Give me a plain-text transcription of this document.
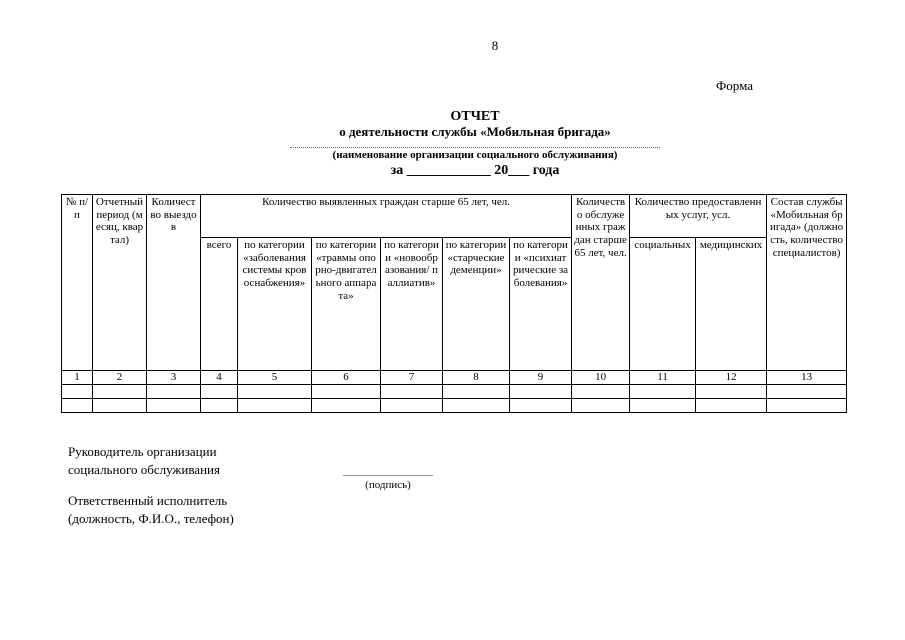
8
Форма
ОТЧЕТ
о деятельности службы «Мобильная бригада»
(наименование организации социального обслуживания)
за ____________ 20___ года
№ п/п	Отчетный период (месяц, квартал)	Количество выездов	Количество выявленных граждан старше 65 лет, чел.						Количество обслуженных граждан старше 65 лет, чел.	Количество предоставленных услуг, усл.		Состав службы «Мобильная бригада» (должность, количество специалистов)
			всего	по категории «заболевания системы кровоснабжения»	по категории «травмы опорно-двигательного аппарата»	по категории «новообразования/ паллиатив»	по категории «старческие деменции»	по категории «психиатрические заболевания»		социальных	медицинских	
1	2	3	4	5	6	7	8	9	10	11	12	13

Руководитель организации
социального обслуживания
(подпись)
Ответственный исполнитель
(должность, Ф.И.О., телефон)
